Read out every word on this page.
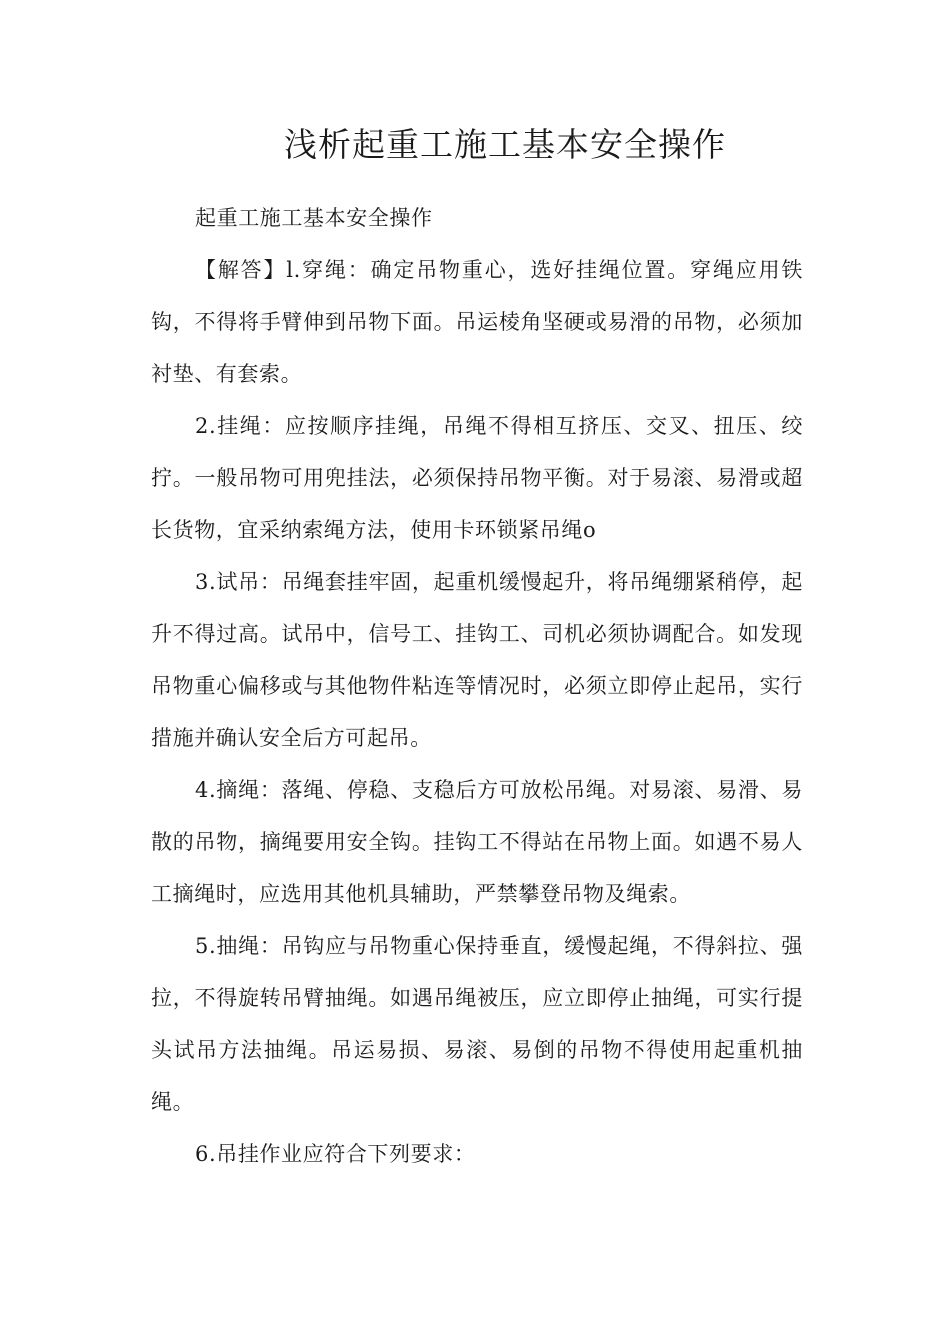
浅析起重工施工基本安全操作

起重工施工基本安全操作

【解答】l.穿绳：确定吊物重心，选好挂绳位置。穿绳应用铁钩，不得将手臂伸到吊物下面。吊运棱角坚硬或易滑的吊物，必须加衬垫、有套索。

2.挂绳：应按顺序挂绳，吊绳不得相互挤压、交叉、扭压、绞拧。一般吊物可用兜挂法，必须保持吊物平衡。对于易滚、易滑或超长货物，宜采纳索绳方法，使用卡环锁紧吊绳o

3.试吊：吊绳套挂牢固，起重机缓慢起升，将吊绳绷紧稍停，起升不得过高。试吊中，信号工、挂钩工、司机必须协调配合。如发现吊物重心偏移或与其他物件粘连等情况时，必须立即停止起吊，实行措施并确认安全后方可起吊。

4.摘绳：落绳、停稳、支稳后方可放松吊绳。对易滚、易滑、易散的吊物，摘绳要用安全钩。挂钩工不得站在吊物上面。如遇不易人工摘绳时，应选用其他机具辅助，严禁攀登吊物及绳索。

5.抽绳：吊钩应与吊物重心保持垂直，缓慢起绳，不得斜拉、强拉，不得旋转吊臂抽绳。如遇吊绳被压，应立即停止抽绳，可实行提头试吊方法抽绳。吊运易损、易滚、易倒的吊物不得使用起重机抽绳。

6.吊挂作业应符合下列要求：
